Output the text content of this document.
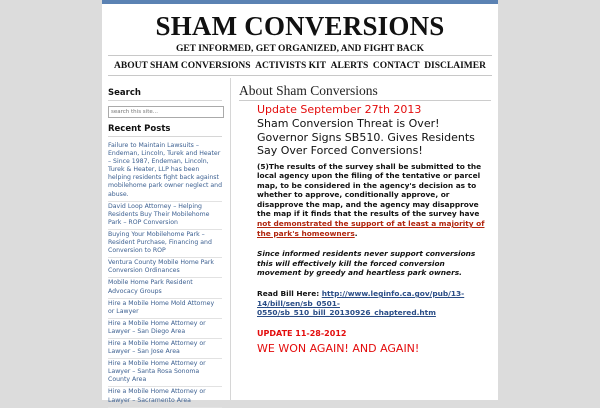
SHAM CONVERSIONS
GET INFORMED, GET ORGANIZED, AND FIGHT BACK
ABOUT SHAM CONVERSIONS ACTIVISTS KIT ALERTS CONTACT DISCLAIMER
Search
search this site...
Recent Posts
Failure to Maintain Lawsuits – Endeman, Lincoln, Turek and Heater – Since 1987, Endeman, Lincoln, Turek & Heater, LLP has been helping residents fight back against mobilehome park owner neglect and abuse.
David Loop Attorney – Helping Residents Buy Their Mobilehome Park – ROP Conversion
Buying Your Mobilehome Park – Resident Purchase, Financing and Conversion to ROP
Ventura County Mobile Home Park Conversion Ordinances
Mobile Home Park Resident Advocacy Groups
Hire a Mobile Home Mold Attorney or Lawyer
Hire a Mobile Home Attorney or Lawyer – San Diego Area
Hire a Mobile Home Attorney or Lawyer – San Jose Area
Hire a Mobile Home Attorney or Lawyer – Santa Rosa Sonoma County Area
Hire a Mobile Home Attorney or Lawyer – Sacramento Area
About Sham Conversions
Update September 27th 2013
Sham Conversion Threat is Over! Governor Signs SB510. Gives Residents Say Over Forced Conversions!
(5)The results of the survey shall be submitted to the local agency upon the filing of the tentative or parcel map, to be considered in the agency's decision as to whether to approve, conditionally approve, or disapprove the map, and the agency may disapprove the map if it finds that the results of the survey have not demonstrated the support of at least a majority of the park's homeowners.
Since informed residents never support conversions this will effectively kill the forced conversion movement by greedy and heartless park owners.
Read Bill Here: http://www.leginfo.ca.gov/pub/13-14/bill/sen/sb_0501-0550/sb_510_bill_20130926_chaptered.htm
UPDATE 11-28-2012
WE WON AGAIN! AND AGAIN!
